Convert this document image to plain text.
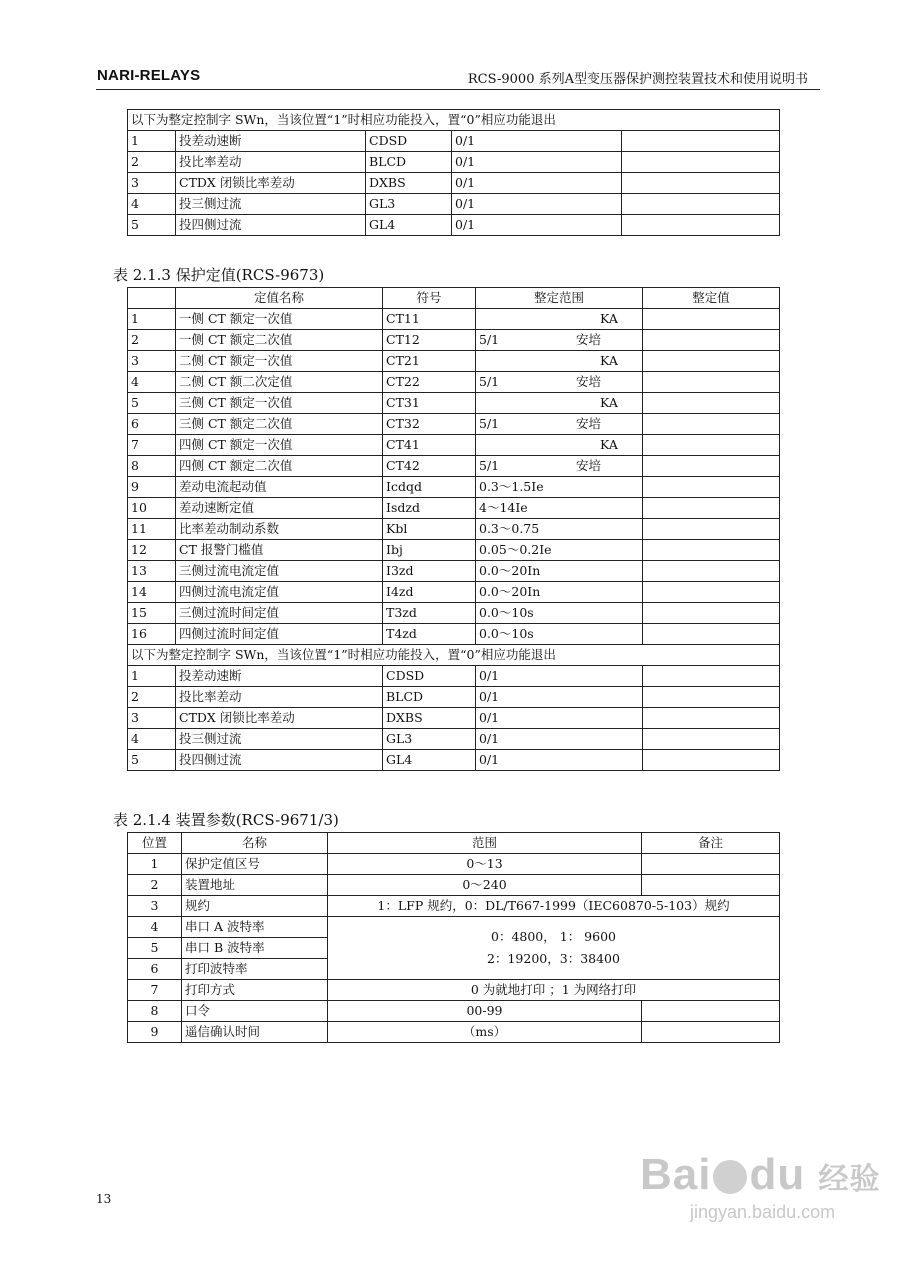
NARI-RELAYS	RCS-9000 系列A型变压器保护测控装置技术和使用说明书
以下为整定控制字 SWn，当该位置“1”时相应功能投入，置“0”相应功能退出				
1	投差动速断	CDSD	0/1	
2	投比率差动	BLCD	0/1	
3	CTDX 闭锁比率差动	DXBS	0/1	
4	投三侧过流	GL3	0/1	
5	投四侧过流	GL4	0/1	
表 2.1.3 保护定值(RCS-9673)
	定值名称	符号	整定范围	整定值
1	一侧 CT 额定一次值	CT11	KA	

2	一侧 CT 额定二次值	CT12	5/1 安培	

3	二侧 CT 额定一次值	CT21	KA	

4	二侧 CT 额二次定值	CT22	5/1 安培	

5	三侧 CT 额定一次值	CT31	KA	

6	三侧 CT 额定二次值	CT32	5/1 安培	

7	四侧 CT 额定一次值	CT41	KA	

8	四侧 CT 额定二次值	CT42	5/1 安培	

9	差动电流起动值	Icdqd	0.3～1.5Ie	
10	差动速断定值	Isdzd	4～14Ie	
11	比率差动制动系数	Kbl	0.3～0.75	
12	CT 报警门槛值	Ibj	0.05～0.2Ie	
13	三侧过流电流定值	I3zd	0.0～20In	
14	四侧过流电流定值	I4zd	0.0～20In	
15	三侧过流时间定值	T3zd	0.0～10s	
16	四侧过流时间定值	T4zd	0.0～10s	
以下为整定控制字 SWn，当该位置“1”时相应功能投入，置“0”相应功能退出				
1	投差动速断	CDSD	0/1	
2	投比率差动	BLCD	0/1	
3	CTDX 闭锁比率差动	DXBS	0/1	
4	投三侧过流	GL3	0/1	
5	投四侧过流	GL4	0/1	
表 2.1.4 装置参数(RCS-9671/3)
位置	名称	范围	备注
1	保护定值区号	0～13	
2	装置地址	0～240	
3	规约	1：LFP 规约，0：DL/T667-1999（IEC60870-5-103）规约	
4	串口 A 波特率	0：4800， 1： 9600
2：19200，3：38400	

5	串口 B 波特率		
6	打印波特率		
7	打印方式	0 为就地打印 ；1 为网络打印	
8	口令	00-99	
9	遥信确认时间	（ms）	
13	Bai du 经验
jingyan.baidu.com
